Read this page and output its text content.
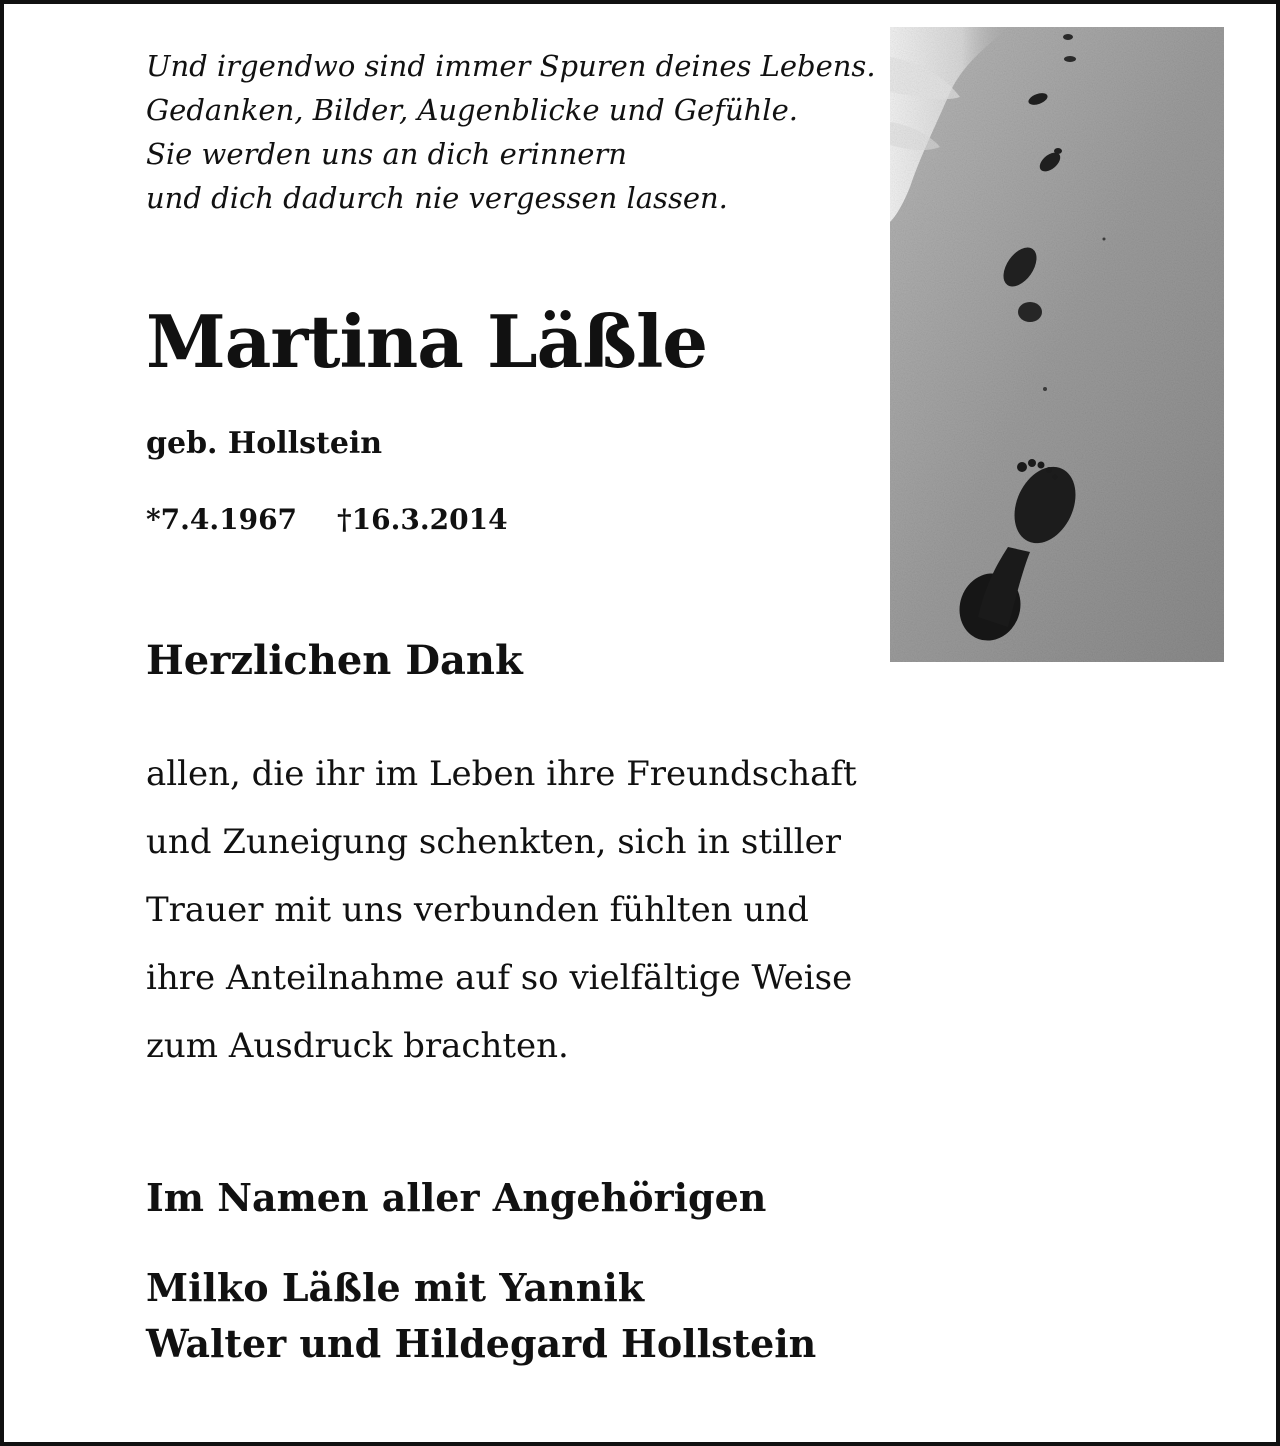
Und irgendwo sind immer Spuren deines Lebens.
Gedanken, Bilder, Augenblicke und Gefühle.
Sie werden uns an dich erinnern
und dich dadurch nie vergessen lassen.
Martina Läßle
geb. Hollstein
*7.4.1967 †16.3.2014
Herzlichen Dank
allen, die ihr im Leben ihre Freundschaft
und Zuneigung schenkten, sich in stiller
Trauer mit uns verbunden fühlten und
ihre Anteilnahme auf so vielfältige Weise
zum Ausdruck brachten.
Im Namen aller Angehörigen
Milko Läßle mit Yannik
Walter und Hildegard Hollstein
